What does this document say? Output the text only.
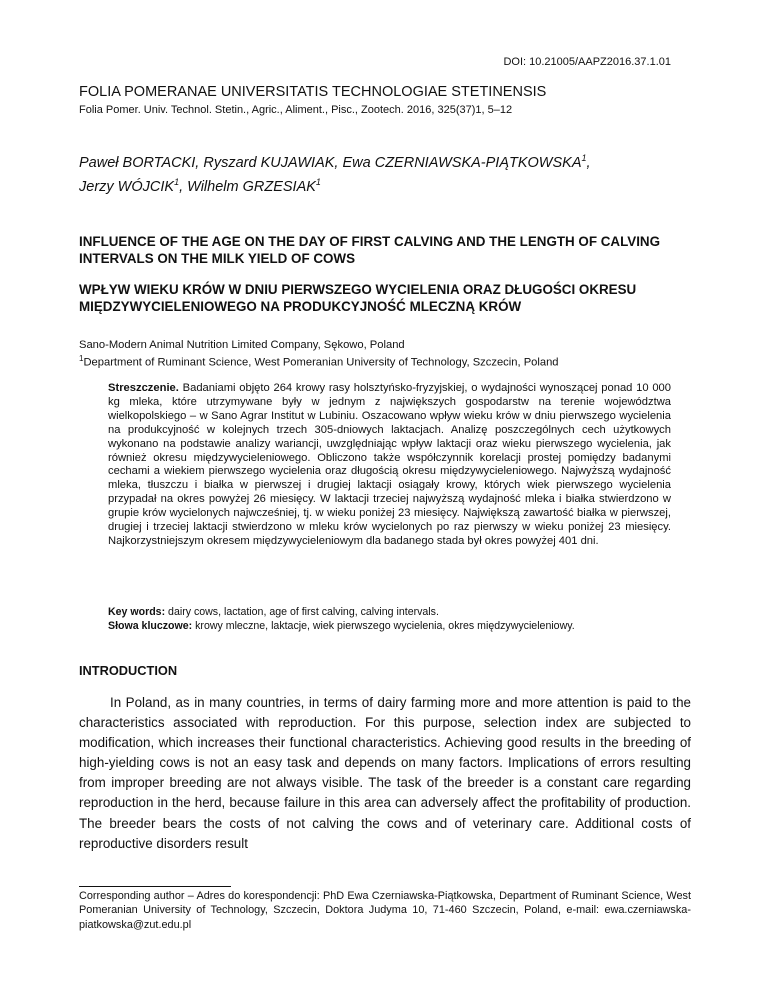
DOI: 10.21005/AAPZ2016.37.1.01
FOLIA POMERANAE UNIVERSITATIS TECHNOLOGIAE STETINENSIS
Folia Pomer. Univ. Technol. Stetin., Agric., Aliment., Pisc., Zootech. 2016, 325(37)1, 5–12
Paweł BORTACKI, Ryszard KUJAWIAK, Ewa CZERNIAWSKA-PIĄTKOWSKA$^1$,
Jerzy WÓJCIK$^1$, Wilhelm GRZESIAK$^1$
INFLUENCE OF THE AGE ON THE DAY OF FIRST CALVING AND THE LENGTH OF CALVING INTERVALS ON THE MILK YIELD OF COWS
WPŁYW WIEKU KRÓW W DNIU PIERWSZEGO WYCIELENIA ORAZ DŁUGOŚCI OKRESU MIĘDZYWYCIELENIOWEGO NA PRODUKCYJNOŚĆ MLECZNĄ KRÓW
Sano-Modern Animal Nutrition Limited Company, Sękowo, Poland
$^1$Department of Ruminant Science, West Pomeranian University of Technology, Szczecin, Poland
Streszczenie. Badaniami objęto 264 krowy rasy holsztyńsko-fryzyjskiej, o wydajności wynoszącej ponad 10 000 kg mleka, które utrzymywane były w jednym z największych gospodarstw na terenie województwa wielkopolskiego – w Sano Agrar Institut w Lubiniu. Oszacowano wpływ wieku krów w dniu pierwszego wycielenia na produkcyjność w kolejnych trzech 305-dniowych laktacjach. Analizę poszczególnych cech użytkowych wykonano na podstawie analizy wariancji, uwzględniając wpływ laktacji oraz wieku pierwszego wycielenia, jak również okresu międzywycieleniowego. Obliczono także współczynnik korelacji prostej pomiędzy badanymi cechami a wiekiem pierwszego wycielenia oraz długością okresu międzywycieleniowego. Najwyższą wydajność mleka, tłuszczu i białka w pierwszej i drugiej laktacji osiągały krowy, których wiek pierwszego wycielenia przypadał na okres powyżej 26 miesięcy. W laktacji trzeciej najwyższą wydajność mleka i białka stwierdzono w grupie krów wycielonych najwcześniej, tj. w wieku poniżej 23 miesięcy. Największą zawartość białka w pierwszej, drugiej i trzeciej laktacji stwierdzono w mleku krów wycielonych po raz pierwszy w wieku poniżej 23 miesięcy. Najkorzystniejszym okresem międzywycieleniowym dla badanego stada był okres powyżej 401 dni.
Key words: dairy cows, lactation, age of first calving, calving intervals.
Słowa kluczowe: krowy mleczne, laktacje, wiek pierwszego wycielenia, okres międzywycieleniowy.
INTRODUCTION

In Poland, as in many countries, in terms of dairy farming more and more attention is paid to the characteristics associated with reproduction. For this purpose, selection index are subjected to modification, which increases their functional characteristics. Achieving good results in the breeding of high-yielding cows is not an easy task and depends on many factors. Implications of errors resulting from improper breeding are not always visible. The task of the breeder is a constant care regarding reproduction in the herd, because failure in this area can adversely affect the profitability of production. The breeder bears the costs of not calving the cows and of veterinary care. Additional costs of reproductive disorders result

Corresponding author – Adres do korespondencji: PhD Ewa Czerniawska-Piątkowska, Department of Ruminant Science, West Pomeranian University of Technology, Szczecin, Doktora Judyma 10, 71-460 Szczecin, Poland, e-mail: ewa.czerniawska-piatkowska@zut.edu.pl
